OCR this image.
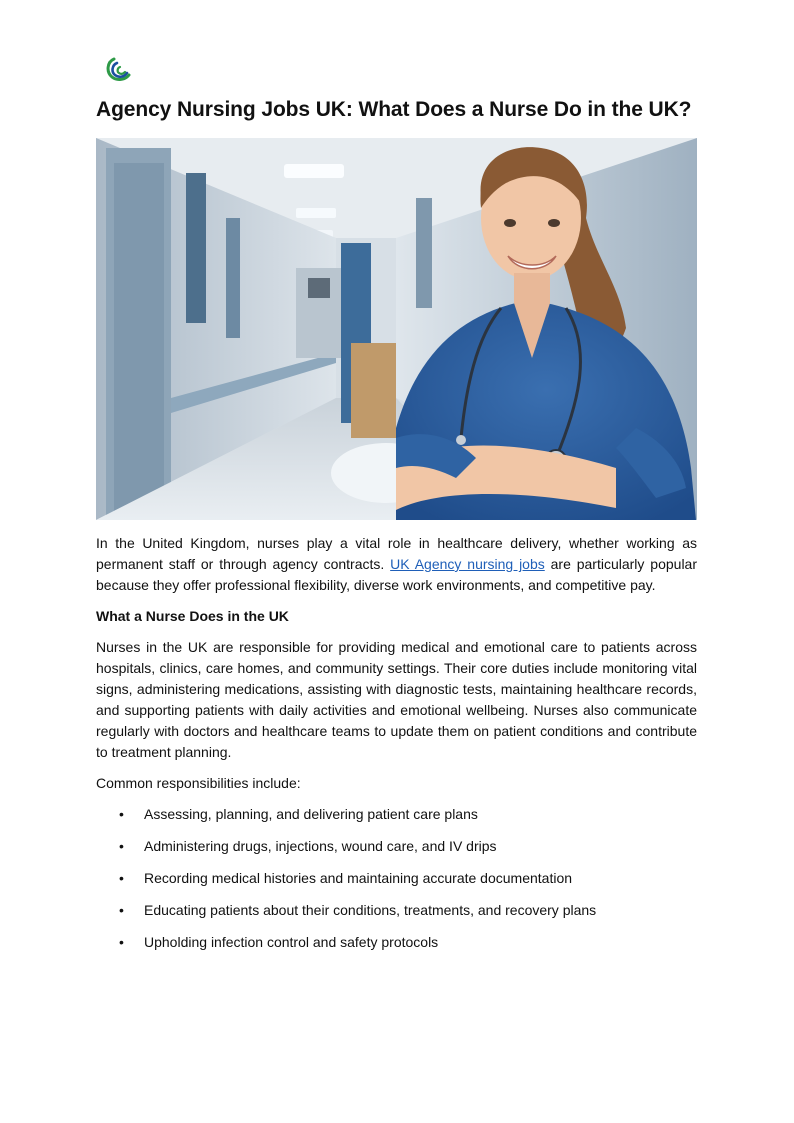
Agency Nursing Jobs UK: What Does a Nurse Do in the UK?

In the United Kingdom, nurses play a vital role in healthcare delivery, whether working as permanent staff or through agency contracts. UK Agency nursing jobs are particularly popular because they offer professional flexibility, diverse work environments, and competitive pay.

What a Nurse Does in the UK

Nurses in the UK are responsible for providing medical and emotional care to patients across hospitals, clinics, care homes, and community settings. Their core duties include monitoring vital signs, administering medications, assisting with diagnostic tests, maintaining healthcare records, and supporting patients with daily activities and emotional wellbeing. Nurses also communicate regularly with doctors and healthcare teams to update them on patient conditions and contribute to treatment planning.

Common responsibilities include:

• Assessing, planning, and delivering patient care plans
• Administering drugs, injections, wound care, and IV drips
• Recording medical histories and maintaining accurate documentation
• Educating patients about their conditions, treatments, and recovery plans
• Upholding infection control and safety protocols
